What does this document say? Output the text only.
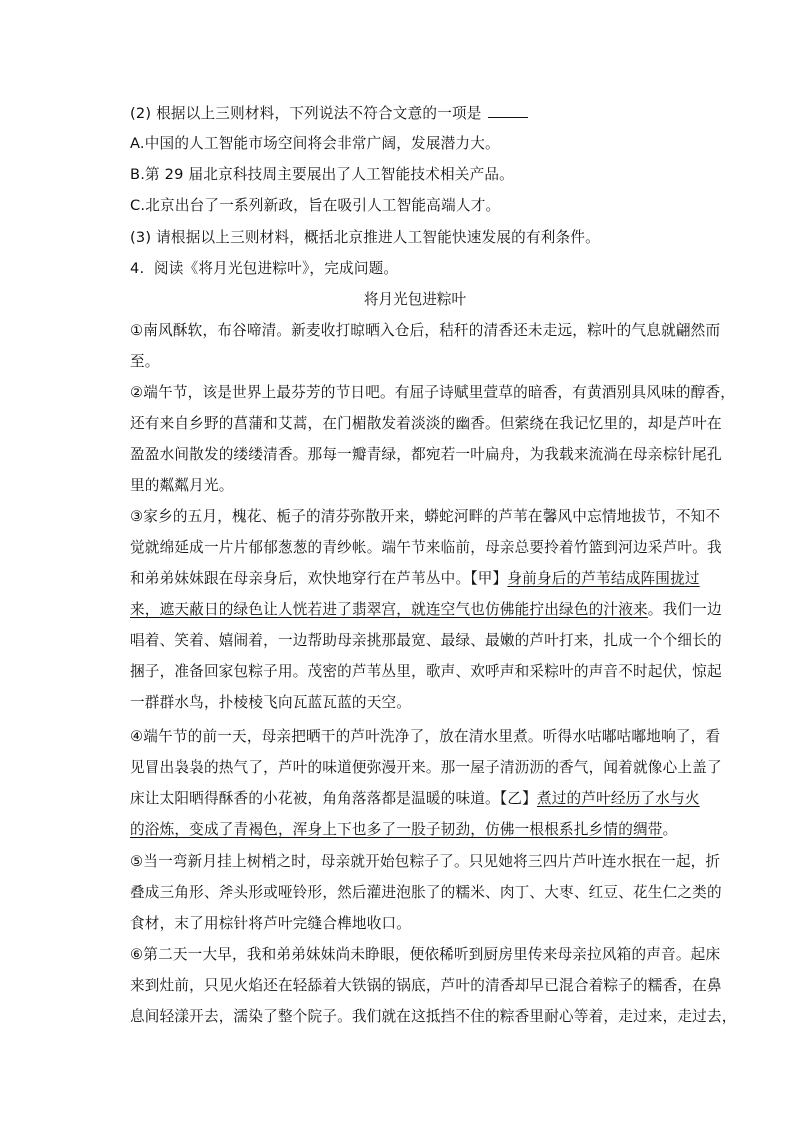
(2) 根据以上三则材料，下列说法不符合文意的一项是
A.中国的人工智能市场空间将会非常广阔，发展潜力大。
B.第 29 届北京科技周主要展出了人工智能技术相关产品。
C.北京出台了一系列新政，旨在吸引人工智能高端人才。
(3) 请根据以上三则材料，概括北京推进人工智能快速发展的有利条件。
4.  阅读《将月光包进粽叶》，完成问题。
将月光包进粽叶
①南风酥软，布谷啼清。新麦收打晾晒入仓后，秸秆的清香还未走远，粽叶的气息就翩然而
至。
②端午节，该是世界上最芬芳的节日吧。有屈子诗赋里萱草的暗香，有黄酒别具风味的醇香，
还有来自乡野的菖蒲和艾蒿，在门楣散发着淡淡的幽香。但萦绕在我记忆里的，却是芦叶在
盈盈水间散发的缕缕清香。那每一瓣青绿，都宛若一叶扁舟，为我载来流淌在母亲棕针尾孔
里的粼粼月光。
③家乡的五月，槐花、栀子的清芬弥散开来，蟒蛇河畔的芦苇在馨风中忘情地拔节，不知不
觉就绵延成一片片郁郁葱葱的青纱帐。端午节来临前，母亲总要拎着竹篮到河边采芦叶。我
和弟弟妹妹跟在母亲身后，欢快地穿行在芦苇丛中。【甲】身前身后的芦苇结成阵围拢过
来，遮天蔽日的绿色让人恍若进了翡翠宫，就连空气也仿佛能拧出绿色的汁液来。我们一边
唱着、笑着、嬉闹着，一边帮助母亲挑那最宽、最绿、最嫩的芦叶打来，扎成一个个细长的
捆子，准备回家包粽子用。茂密的芦苇丛里，歌声、欢呼声和采粽叶的声音不时起伏，惊起
一群群水鸟，扑棱棱飞向瓦蓝瓦蓝的天空。
④端午节的前一天，母亲把晒干的芦叶洗净了，放在清水里煮。听得水咕嘟咕嘟地响了，看
见冒出袅袅的热气了，芦叶的味道便弥漫开来。那一屋子清沥沥的香气，闻着就像心上盖了
床让太阳晒得酥香的小花被，角角落落都是温暖的味道。【乙】煮过的芦叶经历了水与火
的浴炼，变成了青褐色，浑身上下也多了一股子韧劲，仿佛一根根系扎乡情的绸带。
⑤当一弯新月挂上树梢之时，母亲就开始包粽子了。只见她将三四片芦叶连水抿在一起，折
叠成三角形、斧头形或哑铃形，然后灌进泡胀了的糯米、肉丁、大枣、红豆、花生仁之类的
食材，末了用棕针将芦叶完缝合榫地收口。
⑥第二天一大早，我和弟弟妹妹尚未睁眼，便依稀听到厨房里传来母亲拉风箱的声音。起床
来到灶前，只见火焰还在轻舔着大铁锅的锅底，芦叶的清香却早已混合着粽子的糯香，在鼻
息间轻漾开去，濡染了整个院子。我们就在这抵挡不住的粽香里耐心等着，走过来，走过去，
